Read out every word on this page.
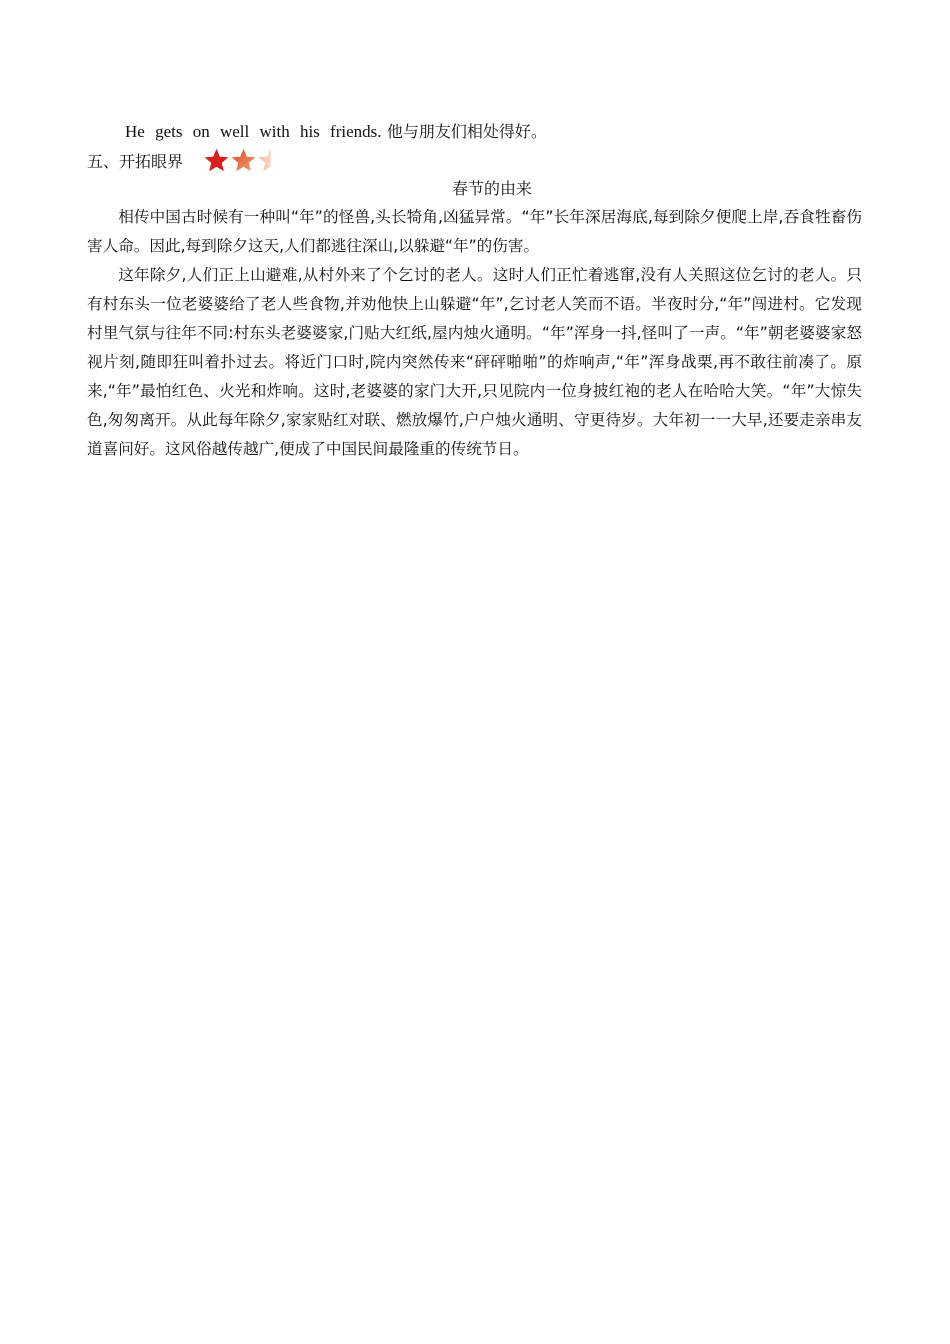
He gets on well with his friends. 他与朋友们相处得好。
五、开拓眼界
春节的由来

相传中国古时候有一种叫“年”的怪兽,头长犄角,凶猛异常。“年”长年深居海底,每到除夕便爬上岸,吞食牲畜伤害人命。因此,每到除夕这天,人们都逃往深山,以躲避“年”的伤害。

这年除夕,人们正上山避难,从村外来了个乞讨的老人。这时人们正忙着逃窜,没有人关照这位乞讨的老人。只有村东头一位老婆婆给了老人些食物,并劝他快上山躲避“年”,乞讨老人笑而不语。半夜时分,“年”闯进村。它发现村里气氛与往年不同:村东头老婆婆家,门贴大红纸,屋内烛火通明。“年”浑身一抖,怪叫了一声。“年”朝老婆婆家怒视片刻,随即狂叫着扑过去。将近门口时,院内突然传来“砰砰啪啪”的炸响声,“年”浑身战栗,再不敢往前凑了。原来,“年”最怕红色、火光和炸响。这时,老婆婆的家门大开,只见院内一位身披红袍的老人在哈哈大笑。“年”大惊失色,匆匆离开。从此每年除夕,家家贴红对联、燃放爆竹,户户烛火通明、守更待岁。大年初一一大早,还要走亲串友道喜问好。这风俗越传越广,便成了中国民间最隆重的传统节日。
